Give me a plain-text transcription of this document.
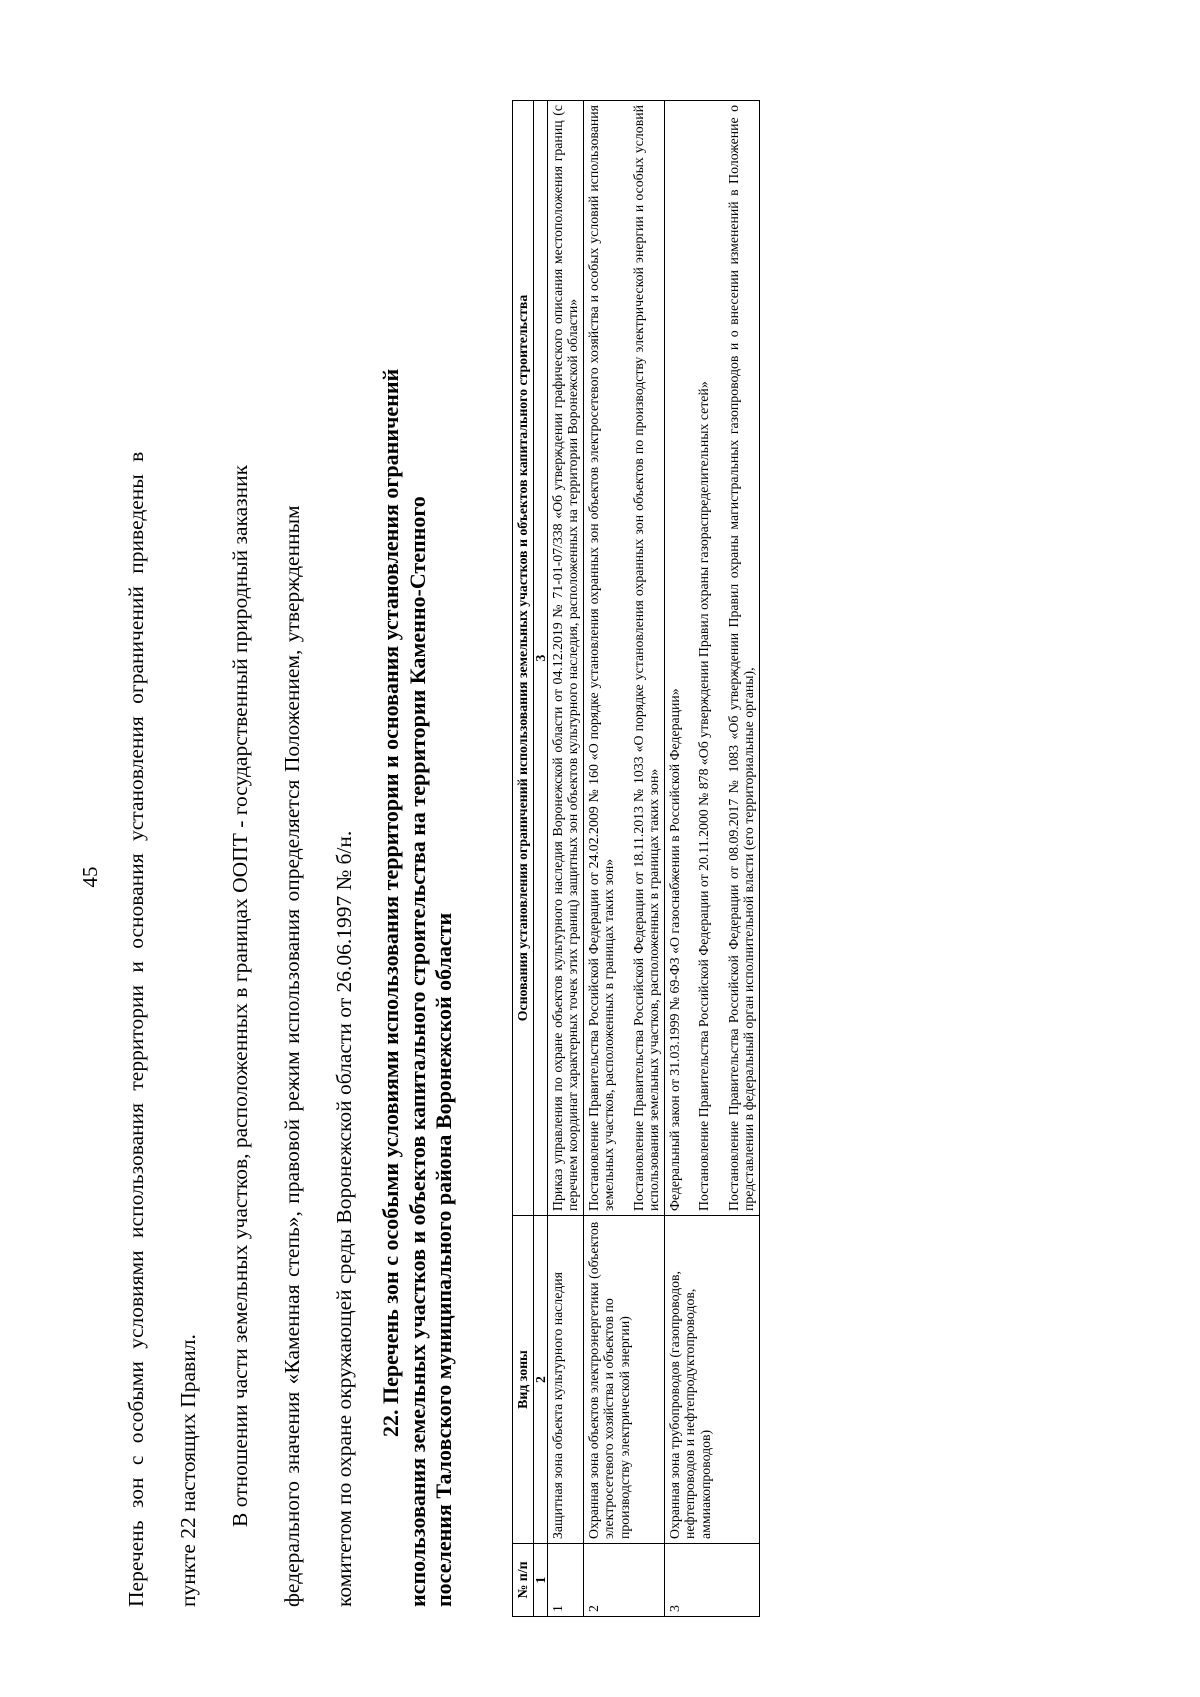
45 Перечень зон с особыми условиями использования территории и основания установления ограничений приведены в пункте 22 настоящих Правил. В отношении части земельных участков, расположенных в границах ООПТ - государственный природный заказник федерального значения «Каменная степь», правовой режим использования определяется Положением, утвержденным комитетом по охране окружающей среды Воронежской области от 26.06.1997 № б/н. 22. Перечень зон с особыми условиями использования территории и основания установления ограничений использования земельных участков и объектов капитального строительства на территории Каменно-Степного поселения Таловского муниципального района Воронежской области	№ п/п	Вид зоны	Основания установления ограничений использования земельных участков и объектов капитального строительства
1	2	3
1	Защитная зона объекта культурного наследия	Приказ управления по охране объектов культурного наследия Воронежской области от 04.12.2019 № 71-01-07/338 «Об утверждении графического описания местоположения границ (с перечнем координат характерных точек этих границ) защитных зон объектов культурного наследия, расположенных на территории Воронежской области»

2	Охранная зона объектов электроэнергетики (объектов электросетевого хозяйства и объектов по производству электрической энергии)	Постановление Правительства Российской Федерации от 24.02.2009 № 160 «О порядке установления охранных зон объектов электросетевого хозяйства и особых условий использования земельных участков, расположенных в границах таких зон» Постановление Правительства Российской Федерации от 18.11.2013 № 1033 «О порядке установления охранных зон объектов по производству электрической энергии и особых условий использования земельных участков, расположенных в границах таких зон»

3	Охранная зона трубопроводов (газопроводов, нефтепроводов и нефтепродуктопроводов, аммиакопроводов)	Федеральный закон от 31.03.1999 № 69-ФЗ «О газоснабжении в Российской Федерации» Постановление Правительства Российской Федерации от 20.11.2000 № 878 «Об утверждении Правил охраны газораспределительных сетей» Постановление Правительства Российской Федерации от 08.09.2017 № 1083 «Об утверждении Правил охраны магистральных газопроводов и о внесении изменений в Положение о представлении в федеральный орган исполнительной власти (его территориальные органы),
